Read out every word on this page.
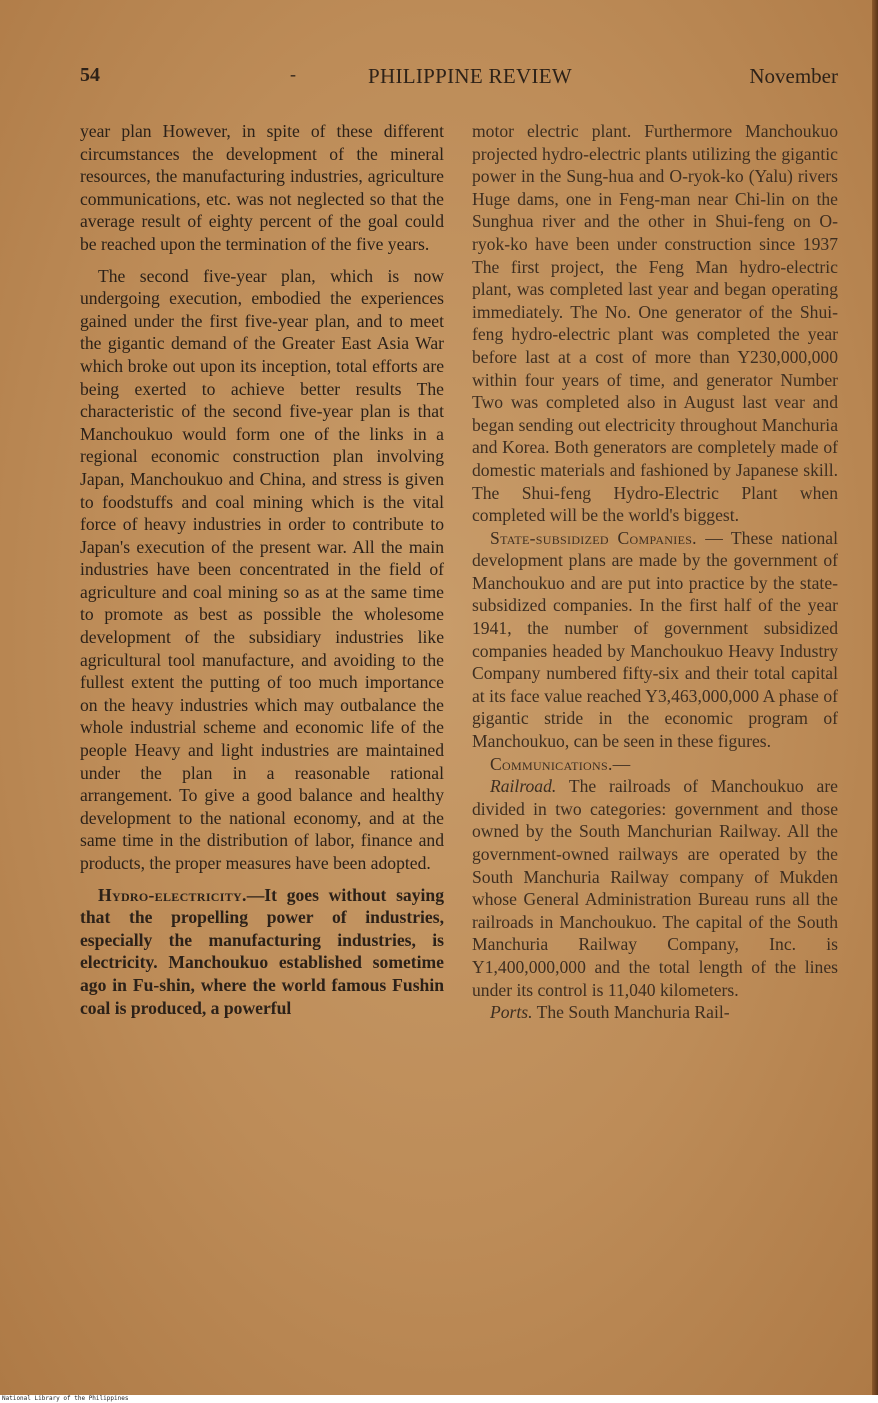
54	-	PHILIPPINE REVIEW	November

year plan However, in spite of these different circumstances the development of the mineral resources, the manufacturing industries, agriculture communications, etc. was not neglected so that the average result of eighty percent of the goal could be reached upon the termination of the five years.

The second five-year plan, which is now undergoing execution, embodied the experiences gained under the first five-year plan, and to meet the gigantic demand of the Greater East Asia War which broke out upon its inception, total efforts are being exerted to achieve better results The characteristic of the second five-year plan is that Manchoukuo would form one of the links in a regional economic construction plan involving Japan, Manchoukuo and China, and stress is given to foodstuffs and coal mining which is the vital force of heavy industries in order to contribute to Japan's execution of the present war. All the main industries have been concentrated in the field of agriculture and coal mining so as at the same time to promote as best as possible the wholesome development of the subsidiary industries like agricultural tool manufacture, and avoiding to the fullest extent the putting of too much importance on the heavy industries which may outbalance the whole industrial scheme and economic life of the people Heavy and light industries are maintained under the plan in a reasonable rational arrangement. To give a good balance and healthy development to the national economy, and at the same time in the distribution of labor, finance and products, the proper measures have been adopted.

Hydro-electricity.—It goes without saying that the propelling power of industries, especially the manufacturing industries, is electricity. Manchoukuo established sometime ago in Fu-shin, where the world famous Fushin coal is produced, a powerful

motor electric plant. Furthermore Manchoukuo projected hydro-electric plants utilizing the gigantic power in the Sung-hua and O-ryok-ko (Yalu) rivers Huge dams, one in Feng-man near Chi-lin on the Sunghua river and the other in Shui-feng on O-ryok-ko have been under construction since 1937 The first project, the Feng Man hydro-electric plant, was completed last year and began operating immediately. The No. One generator of the Shui-feng hydro-electric plant was completed the year before last at a cost of more than Y230,000,000 within four years of time, and generator Number Two was completed also in August last vear and began sending out electricity throughout Manchuria and Korea. Both generators are completely made of domestic materials and fashioned by Japanese skill. The Shui-feng Hydro-Electric Plant when completed will be the world's biggest.

State-subsidized Companies. — These national development plans are made by the government of Manchoukuo and are put into practice by the state-subsidized companies. In the first half of the year 1941, the number of government subsidized companies headed by Manchoukuo Heavy Industry Company numbered fifty-six and their total capital at its face value reached Y3,463,000,000 A phase of gigantic stride in the economic program of Manchoukuo, can be seen in these figures.

Communications.—

Railroad. The railroads of Manchoukuo are divided in two categories: government and those owned by the South Manchurian Railway. All the government-owned railways are operated by the South Manchuria Railway company of Mukden whose General Administration Bureau runs all the railroads in Manchoukuo. The capital of the South Manchuria Railway Company, Inc. is Y1,400,000,000 and the total length of the lines under its control is 11,040 kilometers.

Ports. The South Manchuria Rail-

National Library of the Philippines
